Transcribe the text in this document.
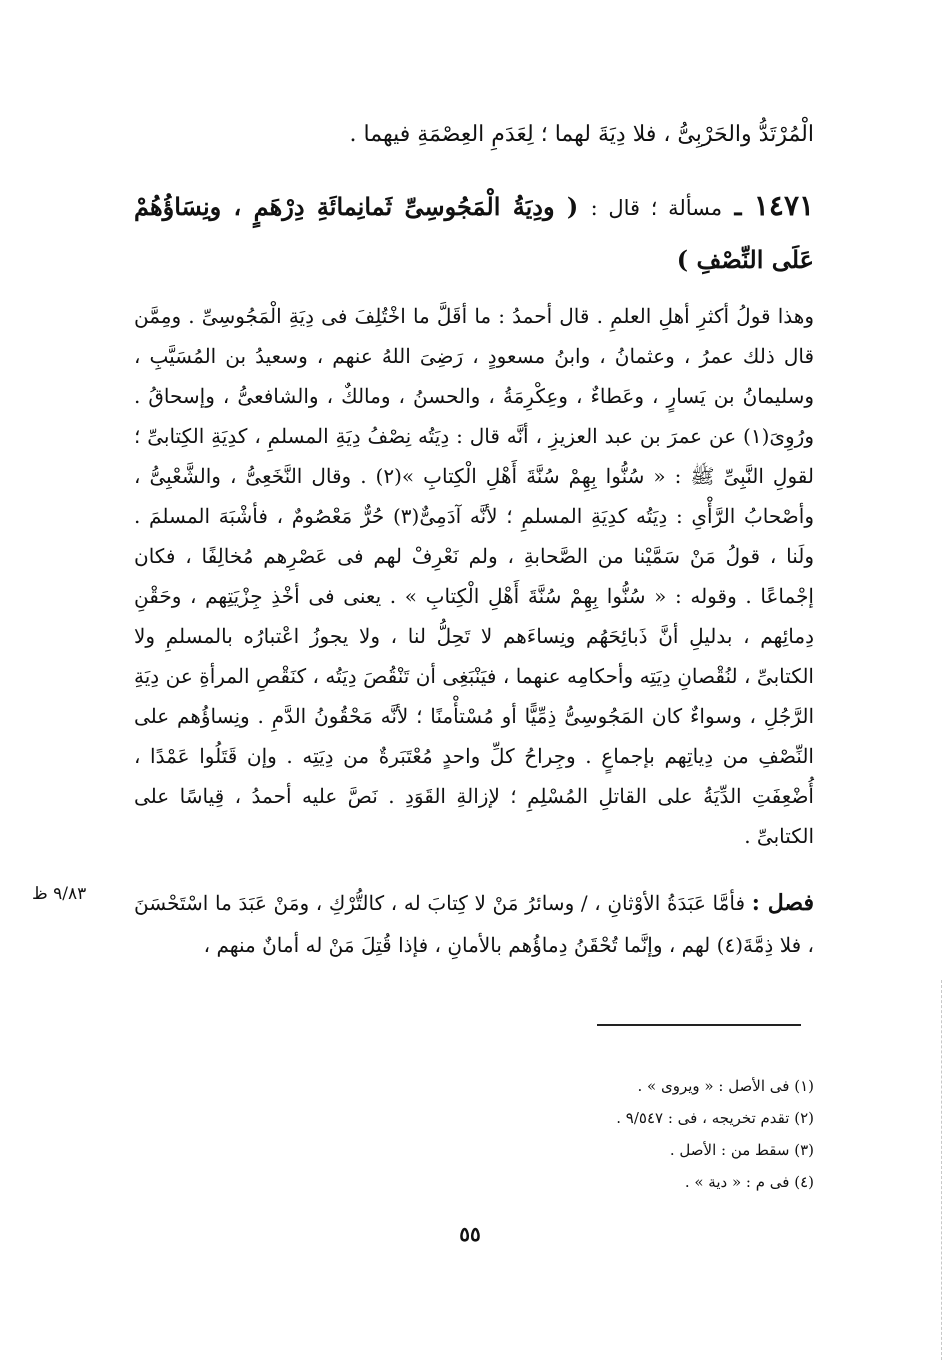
الْمُرْتَدُّ والحَرْبِىُّ ، فلا دِيَةَ لهما ؛ لِعَدَمِ العِصْمَةِ فيهما .
١٤٧١ ـ مسألة ؛ قال : ( ودِيَةُ الْمَجُوسِىِّ ثَمانِمائَةِ دِرْهَمٍ ، ونِسَاؤُهُمْ عَلَى النِّصْفِ )
وهذا قولُ أكثرِ أهلِ العلمِ . قال أحمدُ : ما أقَلَّ ما اخْتُلِفَ فى دِيَةِ الْمَجُوسِىِّ . ومِمَّن قال ذلك عمرُ ، وعثمانُ ، وابنُ مسعودٍ ، رَضِىَ اللهُ عنهم ، وسعيدُ بن المُسَيَّبِ ، وسليمانُ بن يَسارٍ ، وعَطاءٌ ، وعِكْرِمَةُ ، والحسنُ ، ومالكٌ ، والشافعىُّ ، وإسحاقُ . ورُوِىَ(١) عن عمرَ بن عبد العزيزِ ، أنَّه قال : دِيَتُه نِصْفُ دِيَةِ المسلمِ ، كدِيَةِ الكِتابىِّ ؛ لقولِ النَّبِىِّ ﷺ : « سُنُّوا بِهِمْ سُنَّةَ أَهْلِ الْكِتابِ »(٢) . وقال النَّخَعِىُّ ، والشَّعْبِىُّ ، وأصْحابُ الرَّأْىِ : دِيَتُه كدِيَةِ المسلمِ ؛ لأنَّه آدَمِىٌّ(٣) حُرٌّ مَعْصُومٌ ، فأشْبَهَ المسلمَ . ولَنا ، قولُ مَنْ سَمَّيْنا من الصَّحابةِ ، ولم نَعْرِفْ لهم فى عَصْرِهم مُخالِفًا ، فكان إجْماعًا . وقوله : « سُنُّوا بِهِمْ سُنَّةَ أَهْلِ الْكِتابِ » . يعنى فى أخْذِ جِزْيَتِهم ، وحَقْنِ دِمائِهم ، بدليلِ أنَّ ذَبائِحَهُم ونِساءَهم لا تَحِلُّ لنا ، ولا يجوزُ اعْتبارُه بالمسلمِ ولا الكتابىِّ ، لنُقْصانِ دِيَتِه وأحكامِه عنهما ، فيَنْبَغِى أن تَنْقُصَ دِيَتُه ، كنَقْصِ المرأةِ عن دِيَةِ الرَّجُلِ ، وسواءٌ كان المَجُوسِىُّ ذِمِّيًّا أو مُسْتأْمنًا ؛ لأنَّه مَحْقُونُ الدَّمِ . ونِساؤُهم على النِّصْفِ من دِياتِهم بإجماعٍ . وجِراحُ كلِّ واحدٍ مُعْتَبَرةٌ من دِيَتِه . وإن قَتَلُوا عَمْدًا ، أُضْعِفَتِ الدِّيَةُ على القاتلِ المُسْلِمِ ؛ لإزالةِ القَوَدِ . نَصَّ عليه أحمدُ ، قِياسًا على الكتابىِّ .
فصل : فأمَّا عَبَدَةُ الأوْثانِ ، / وسائرُ مَنْ لا كِتابَ له ، كالتُّرْكِ ، ومَنْ عَبَدَ ما اسْتَحْسَنَ ، فلا ذِمَّةَ(٤) لهم ، وإنَّما تُحْقَنُ دِماؤُهم بالأمانِ ، فإذا قُتِلَ مَنْ له أمانٌ منهم ،
٩/٨٣ ظ
(١) فى الأصل : « ويروى » .
(٢) تقدم تخريجه ، فى : ٩/٥٤٧ .
(٣) سقط من : الأصل .
(٤) فى م : « دية » .
٥٥
